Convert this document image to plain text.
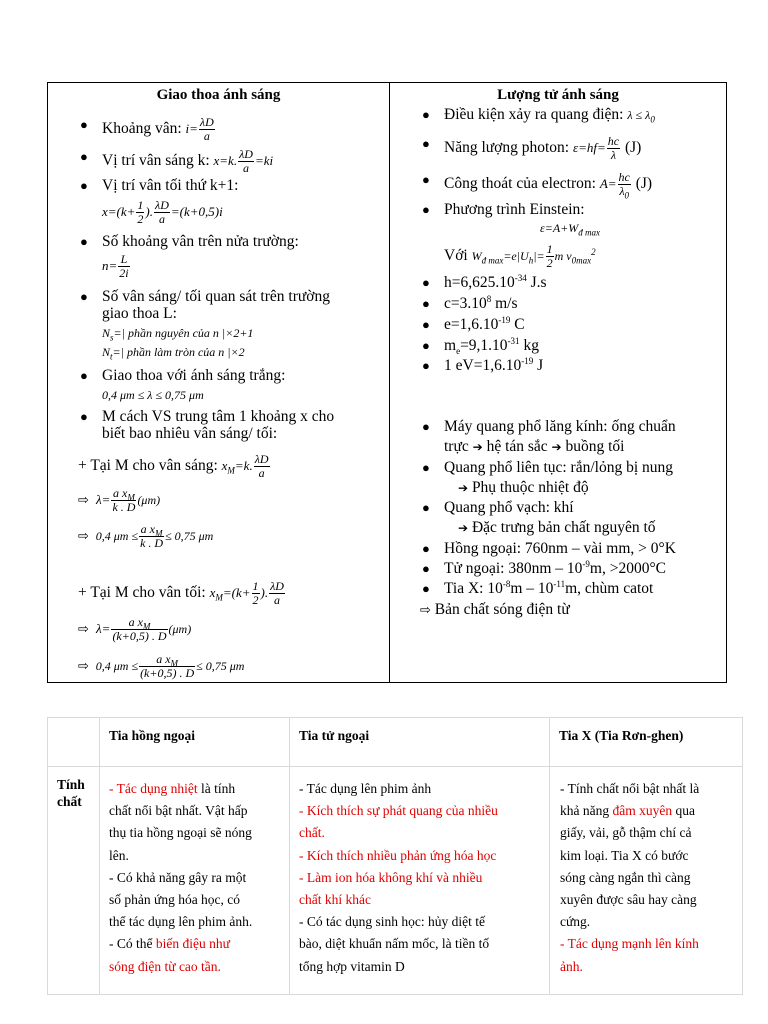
Giao thoa ánh sáng
● Khoảng vân: $i= \frac{\lambda D}{a}$
● Vị trí vân sáng k: x=k. $\frac{\lambda D}{a} =ki$
● Vị trí vân tối thứ k+1:
$x=(k+ \frac{1}{2}$ ). $\frac{\lambda D}{a} =(k+0,5)i$
● Số khoảng vân trên nửa trường:
$n= \frac{L}{2i}$
● Số vân sáng/ tối quan sát trên trường
giao thoa L:
$N_s=|$ phần nguyên của n |×2+1
$N_t=|$ phần làm tròn của n |×2
● Giao thoa với ánh sáng trắng:
0,4 μm ≤ λ ≤ 0,75 μm
● M cách VS trung tâm 1 khoảng x cho
biết bao nhiêu vân sáng/ tối:
+ Tại M cho vân sáng: $x_M=k$. $\frac{\lambda D}{a}$
⇨  $\lambda= \frac{a x_M}{k . D} (\mu m)$
⇨  0,4 $\mu m \le \frac{a x_M}{k . D} \le 0,75$ μm
+ Tại M cho vân tối: $x_M=(k+ \frac{1}{2}$ ). $\frac{\lambda D}{a}$
⇨  $\lambda= \frac{a x_M}{(k+0,5) . D} (\mu m)$
⇨  0,4 $\mu m \le \frac{a x_M}{(k+0,5) . D} \le 0,75$ μm
Lượng tử ánh sáng
● Điều kiện xảy ra quang điện: $\lambda \le \lambda_0$
● Năng lượng photon: $\varepsilon=hf= \frac{hc}{\lambda} (J)$
● Công thoát của electron: $A= \frac{hc}{\lambda_0} (J)$
● Phương trình Einstein:
$\varepsilon=A+W_{đ max}$
Với $W_{đ max}=e|U_h|= \frac{1}{2}$ m $v_{0max}^2$
● $h=6,625.10^{-34}$ J.s
● $c=3.10^8$ m/s
● $e=1,6.10^{-19}$ C
● $m_e=9,1.10^{-31}$ kg
● 1 $eV=1,6.10^{-19}$ J
● Máy quang phổ lăng kính: ống chuẩn
trực ➔ hệ tán sắc ➔ buồng tối
● Quang phổ liên tục: rắn/lỏng bị nung
➔ Phụ thuộc nhiệt độ
● Quang phổ vạch: khí
➔ Đặc trưng bản chất nguyên tố
● Hồng ngoại: 760nm – vài mm, > 0°K
● Tử ngoại: $380nm - 10^{-9}m$, >2000°C
● Tia X: $10^{-8}m - 10^{-11}m$, chùm catot
⇨ Bản chất sóng điện từ
Tia hồng ngoại	Tia tử ngoại	Tia X (Tia Rơn-ghen)
Tính
chất
- Tác dụng nhiệt là tính
chất nổi bật nhất. Vật hấp
thụ tia hồng ngoại sẽ nóng
lên.
- Có khả năng gây ra một
số phản ứng hóa học, có
thể tác dụng lên phim ảnh.
- Có thể biến điệu như
sóng điện từ cao tần.
- Tác dụng lên phim ảnh
- Kích thích sự phát quang của nhiều
chất.
- Kích thích nhiều phản ứng hóa học
- Làm ion hóa không khí và nhiều
chất khí khác
- Có tác dụng sinh học: hủy diệt tế
bào, diệt khuẩn nấm mốc, là tiền tố
tổng hợp vitamin D
- Tính chất nổi bật nhất là
khả năng đâm xuyên qua
giấy, vải, gỗ thậm chí cả
kim loại. Tia X có bước
sóng càng ngắn thì càng
xuyên được sâu hay càng
cứng.
- Tác dụng mạnh lên kính
ảnh.
